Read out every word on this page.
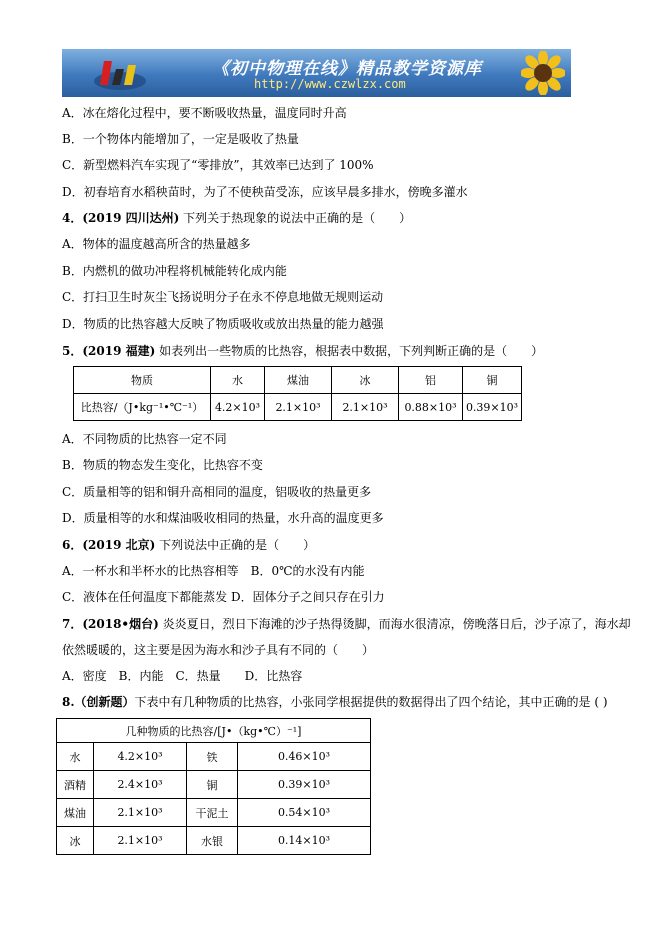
《初中物理在线》精品教学资源库
http://www.czwlzx.com
A．冰在熔化过程中，要不断吸收热量，温度同时升高
B．一个物体内能增加了，一定是吸收了热量
C．新型燃料汽车实现了“零排放”，其效率已达到了 100%
D．初春培育水稻秧苗时，为了不使秧苗受冻，应该早晨多排水，傍晚多灌水
4．(2019 四川达州) 下列关于热现象的说法中正确的是（　　）
A．物体的温度越高所含的热量越多
B．内燃机的做功冲程将机械能转化成内能
C．打扫卫生时灰尘飞扬说明分子在永不停息地做无规则运动
D．物质的比热容越大反映了物质吸收或放出热量的能力越强
5．(2019 福建) 如表列出一些物质的比热容，根据表中数据，下列判断正确的是（　　）
物质	水	煤油	冰	铝	铜
比热容/（J•kg⁻¹•℃⁻¹）	4.2×10³	2.1×10³	2.1×10³	0.88×10³	0.39×10³
A．不同物质的比热容一定不同
B．物质的物态发生变化，比热容不变
C．质量相等的铝和铜升高相同的温度，铝吸收的热量更多
D．质量相等的水和煤油吸收相同的热量，水升高的温度更多
6．(2019 北京) 下列说法中正确的是（　　）
A．一杯水和半杯水的比热容相等　B．0℃的水没有内能
C．液体在任何温度下都能蒸发 D．固体分子之间只存在引力
7．(2018•烟台) 炎炎夏日，烈日下海滩的沙子热得烫脚，而海水很清凉，傍晚落日后，沙子凉了，海水却
依然暖暖的，这主要是因为海水和沙子具有不同的（　　）
A．密度　B．内能　C．热量　　D．比热容
8.（创新题）下表中有几种物质的比热容，小张同学根据提供的数据得出了四个结论，其中正确的是 ( )
几种物质的比热容/[J•（kg•℃）⁻¹]			
水	4.2×10³	铁	0.46×10³
酒精	2.4×10³	铜	0.39×10³
煤油	2.1×10³	干泥土	0.54×10³
冰	2.1×10³	水银	0.14×10³
